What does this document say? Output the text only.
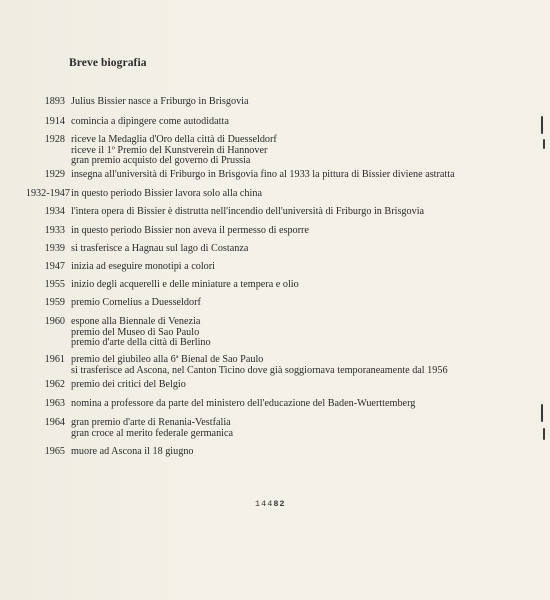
Breve biografia
1893 Julius Bissier nasce a Friburgo in Brisgovia
1914 comincia a dipingere come autodidatta
1928 riceve la Medaglia d'Oro della città di Duesseldorf
riceve il 1º Premio del Kunstverein di Hannover
gran premio acquisto del governo di Prussia
1929 insegna all'università di Friburgo in Brisgovia fino al 1933 la pittura di Bissier diviene astratta
1932-1947 in questo periodo Bissier lavora solo alla china
1934 l'intera opera di Bissier è distrutta nell'incendio dell'università di Friburgo in Brisgovia
1933 in questo periodo Bissier non aveva il permesso di esporre
1939 si trasferisce a Hagnau sul lago di Costanza
1947 inizia ad eseguire monotipi a colori
1955 inizio degli acquerelli e delle miniature a tempera e olio
1959 premio Cornelius a Duesseldorf
1960 espone alla Biennale di Venezia
premio del Museo di Sao Paulo
premio d'arte della città di Berlino
1961 premio del giubileo alla 6ª Bienal de Sao Paulo
si trasferisce ad Ascona, nel Canton Ticino dove già soggiornava temporaneamente dal 1956
1962 premio dei critici del Belgio
1963 nomina a professore da parte del ministero dell'educazione del Baden-Wuerttemberg
1964 gran premio d'arte di Renania-Vestfalia
gran croce al merito federale germanica
1965 muore ad Ascona il 18 giugno
14482
